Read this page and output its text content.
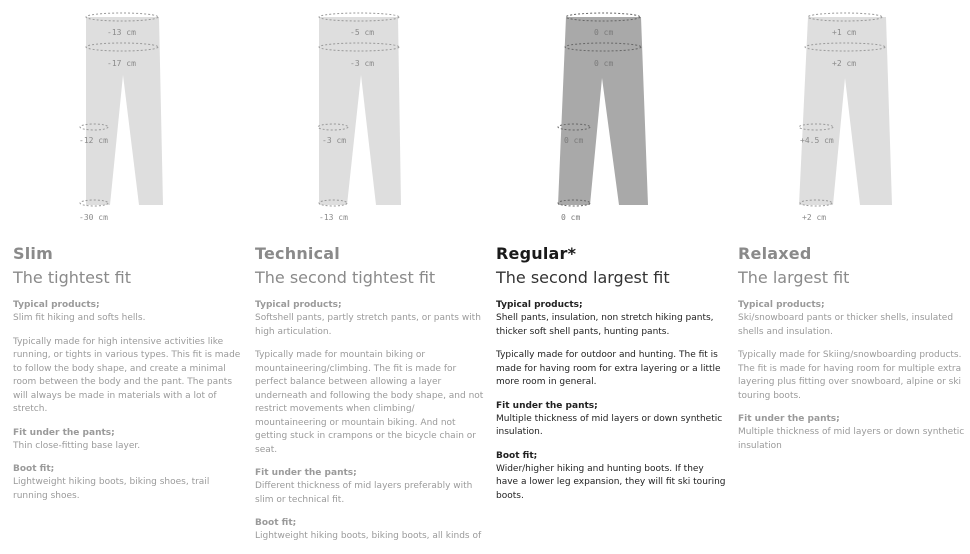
-13 cm
-17 cm
-12 cm
-30 cm
Slim
The tightest fit
Typical products;

Slim fit hiking and softs hells.

Typically made for high intensive activities like running, or tights in various types. This fit is made to follow the body shape, and create a minimal room between the body and the pant. The pants will always be made in materials with a lot of stretch.

Fit under the pants;

Thin close-fitting base layer.

Boot fit;

Lightweight hiking boots, biking shoes, trail running shoes.

-5 cm
-3 cm
-3 cm
-13 cm
Technical
The second tightest fit
Typical products;

Softshell pants, partly stretch pants, or pants with high articulation.

Typically made for mountain biking or mountaineering/climbing. The fit is made for perfect balance between allowing a layer underneath and following the body shape, and not restrict movements when climbing/ mountaineering or mountain biking. And not getting stuck in crampons or the bicycle chain or seat.

Fit under the pants;

Different thickness of mid layers preferably with slim or technical fit.

Boot fit;

Lightweight hiking boots, biking boots, all kinds of

0 cm
0 cm
0 cm
0 cm
Regular*
The second largest fit
Typical products;

Shell pants, insulation, non stretch hiking pants, thicker soft shell pants, hunting pants.

Typically made for outdoor and hunting. The fit is made for having room for extra layering or a little more room in general.

Fit under the pants;

Multiple thickness of mid layers or down synthetic insulation.

Boot fit;

Wider/higher hiking and hunting boots. If they have a lower leg expansion, they will fit ski touring boots.

+1 cm
+2 cm
+4.5 cm
+2 cm
Relaxed
The largest fit
Typical products;

Ski/snowboard pants or thicker shells, insulated shells and insulation.

Typically made for Skiing/snowboarding products. The fit is made for having room for multiple extra layering plus fitting over snowboard, alpine or ski touring boots.

Fit under the pants;

Multiple thickness of mid layers or down synthetic insulation
